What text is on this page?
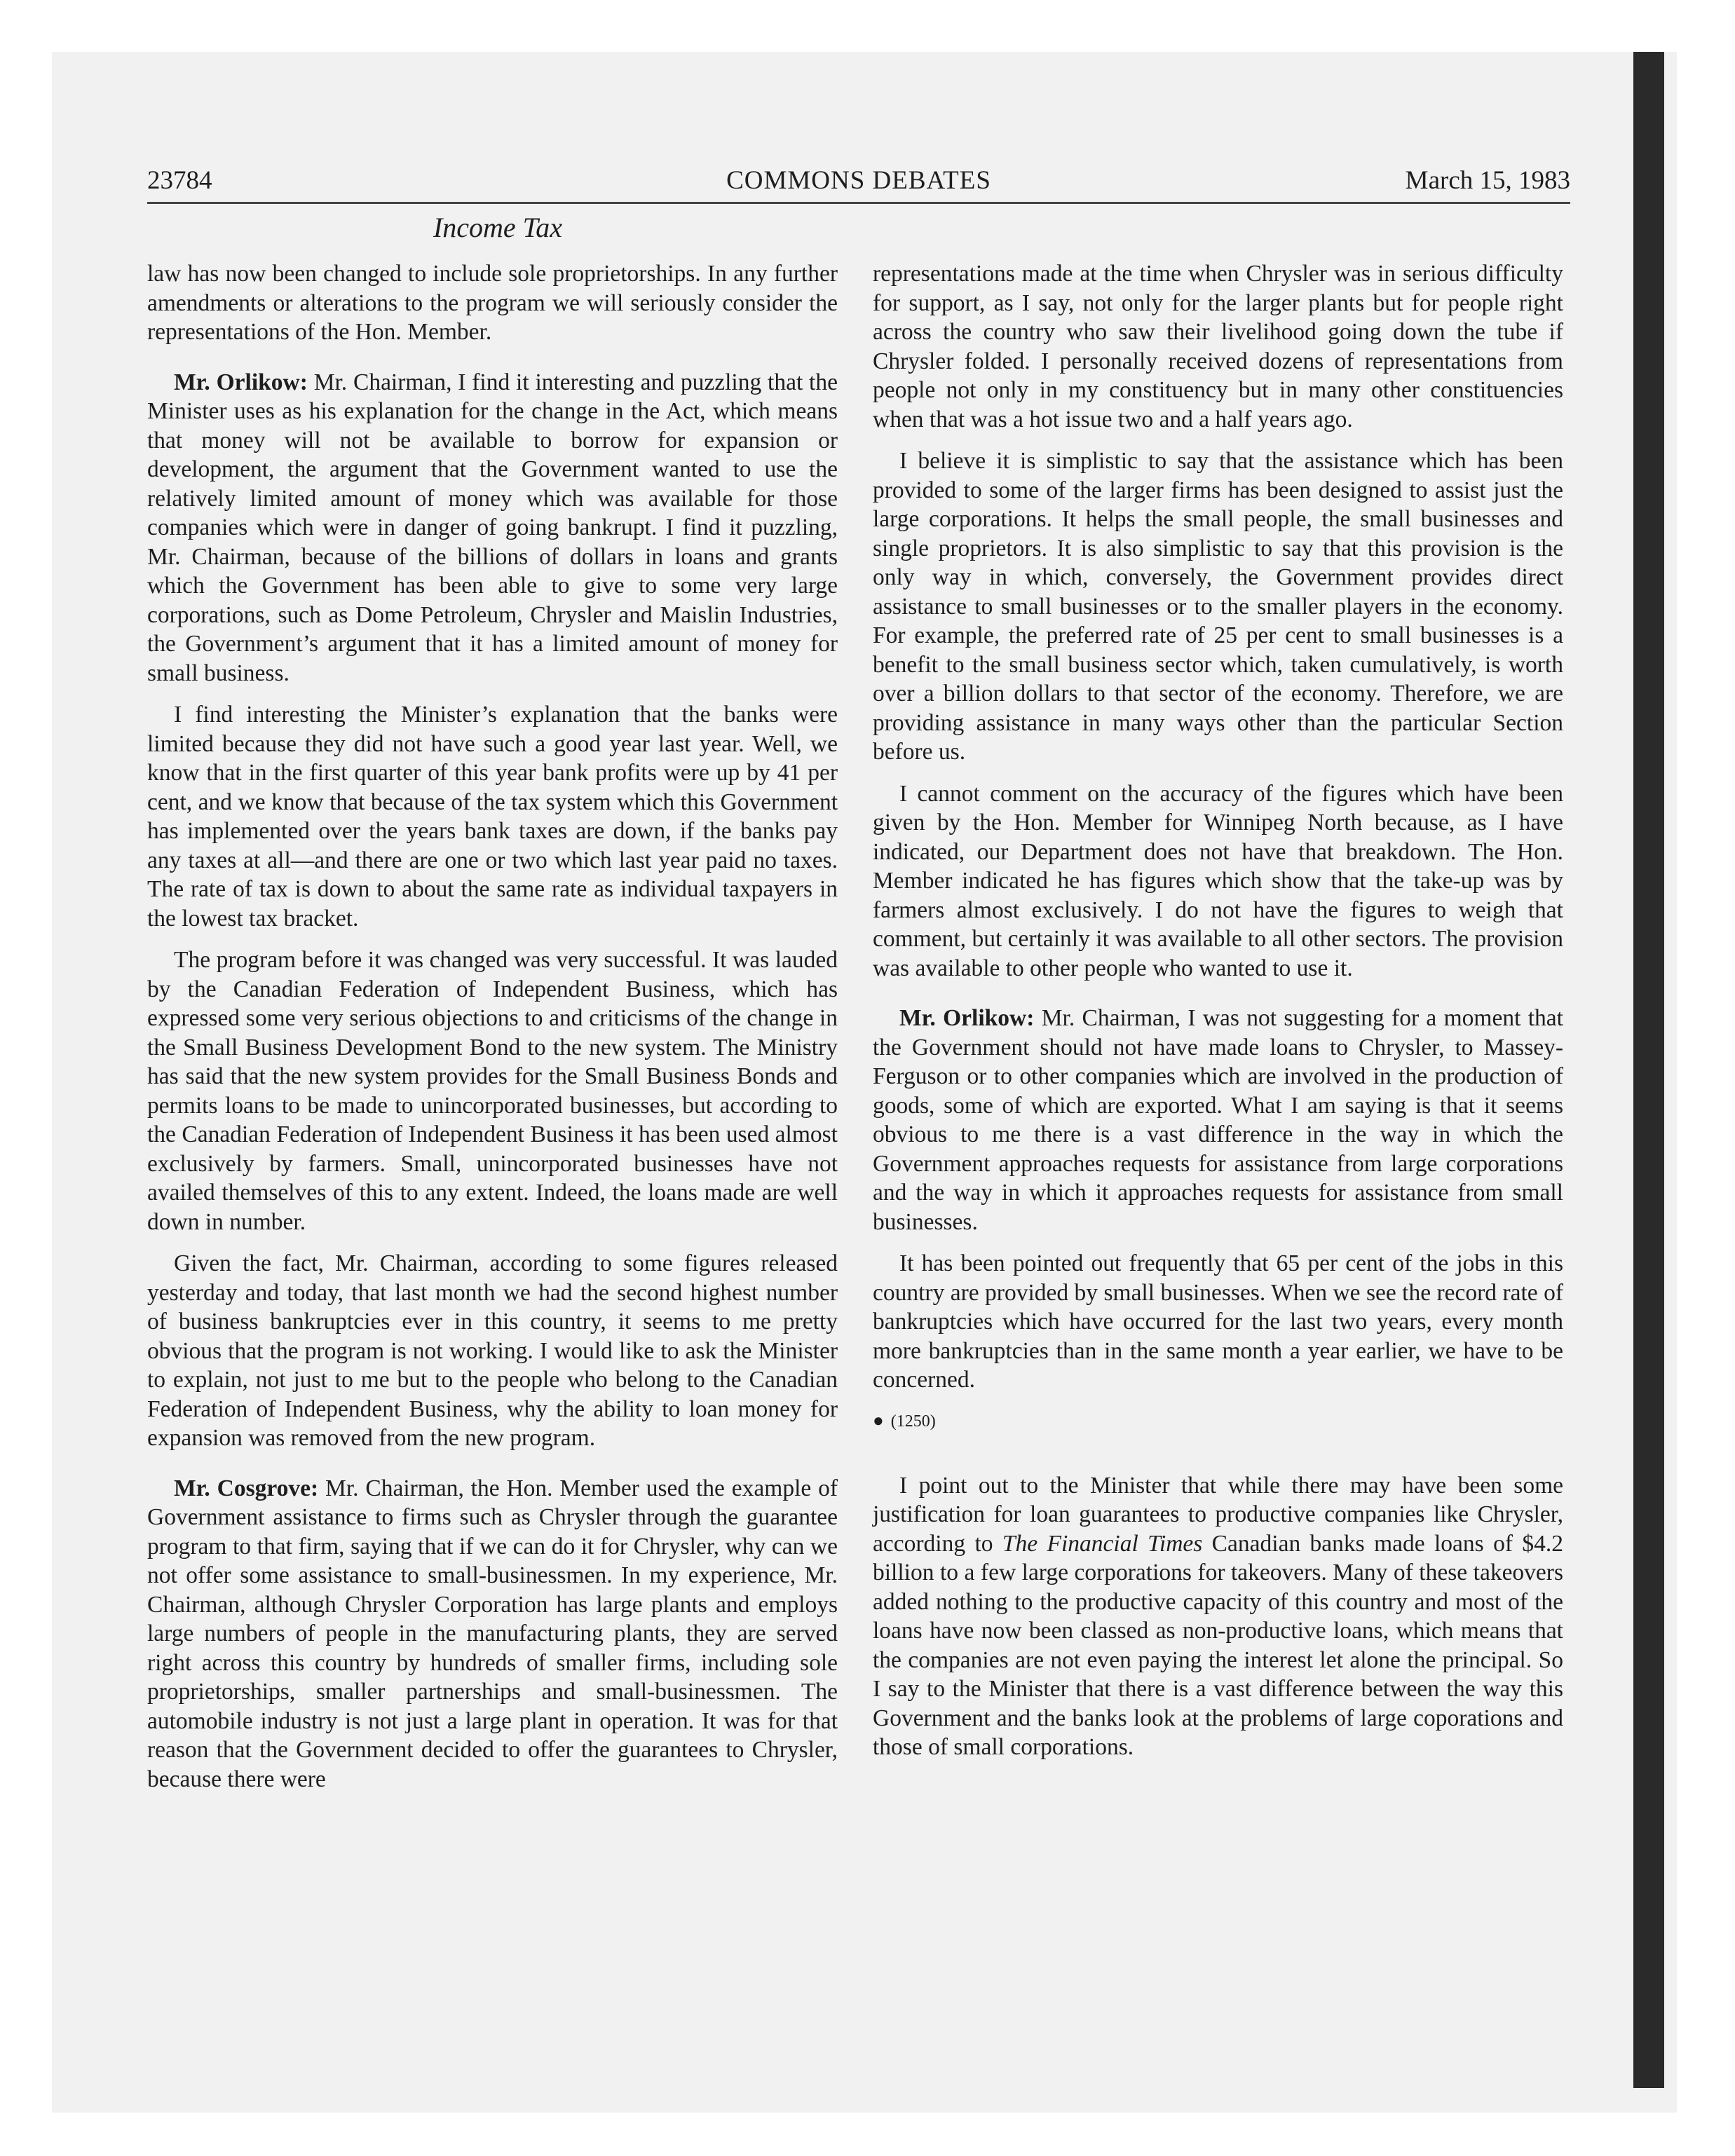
23784	COMMONS DEBATES	March 15, 1983
Income Tax

law has now been changed to include sole proprietorships. In any further amendments or alterations to the program we will seriously consider the representations of the Hon. Member.

Mr. Orlikow: Mr. Chairman, I find it interesting and puzzling that the Minister uses as his explanation for the change in the Act, which means that money will not be available to borrow for expansion or development, the argument that the Government wanted to use the relatively limited amount of money which was available for those companies which were in danger of going bankrupt. I find it puzzling, Mr. Chairman, because of the billions of dollars in loans and grants which the Government has been able to give to some very large corporations, such as Dome Petroleum, Chrysler and Maislin Industries, the Government’s argument that it has a limited amount of money for small business.

I find interesting the Minister’s explanation that the banks were limited because they did not have such a good year last year. Well, we know that in the first quarter of this year bank profits were up by 41 per cent, and we know that because of the tax system which this Government has implemented over the years bank taxes are down, if the banks pay any taxes at all—and there are one or two which last year paid no taxes. The rate of tax is down to about the same rate as individual taxpayers in the lowest tax bracket.

The program before it was changed was very successful. It was lauded by the Canadian Federation of Independent Business, which has expressed some very serious objections to and criticisms of the change in the Small Business Development Bond to the new system. The Ministry has said that the new system provides for the Small Business Bonds and permits loans to be made to unincorporated businesses, but according to the Canadian Federation of Independent Business it has been used almost exclusively by farmers. Small, unincorporated businesses have not availed themselves of this to any extent. Indeed, the loans made are well down in number.

Given the fact, Mr. Chairman, according to some figures released yesterday and today, that last month we had the second highest number of business bankruptcies ever in this country, it seems to me pretty obvious that the program is not working. I would like to ask the Minister to explain, not just to me but to the people who belong to the Canadian Federation of Independent Business, why the ability to loan money for expansion was removed from the new program.

Mr. Cosgrove: Mr. Chairman, the Hon. Member used the example of Government assistance to firms such as Chrysler through the guarantee program to that firm, saying that if we can do it for Chrysler, why can we not offer some assistance to small-businessmen. In my experience, Mr. Chairman, although Chrysler Corporation has large plants and employs large numbers of people in the manufacturing plants, they are served right across this country by hundreds of smaller firms, including sole proprietorships, smaller partnerships and small-businessmen. The automobile industry is not just a large plant in operation. It was for that reason that the Government decided to offer the guarantees to Chrysler, because there were

representations made at the time when Chrysler was in serious difficulty for support, as I say, not only for the larger plants but for people right across the country who saw their livelihood going down the tube if Chrysler folded. I personally received dozens of representations from people not only in my constituency but in many other constituencies when that was a hot issue two and a half years ago.

I believe it is simplistic to say that the assistance which has been provided to some of the larger firms has been designed to assist just the large corporations. It helps the small people, the small businesses and single proprietors. It is also simplistic to say that this provision is the only way in which, conversely, the Government provides direct assistance to small businesses or to the smaller players in the economy. For example, the preferred rate of 25 per cent to small businesses is a benefit to the small business sector which, taken cumulatively, is worth over a billion dollars to that sector of the economy. Therefore, we are providing assistance in many ways other than the particular Section before us.

I cannot comment on the accuracy of the figures which have been given by the Hon. Member for Winnipeg North because, as I have indicated, our Department does not have that breakdown. The Hon. Member indicated he has figures which show that the take-up was by farmers almost exclusively. I do not have the figures to weigh that comment, but certainly it was available to all other sectors. The provision was available to other people who wanted to use it.

Mr. Orlikow: Mr. Chairman, I was not suggesting for a moment that the Government should not have made loans to Chrysler, to Massey-Ferguson or to other companies which are involved in the production of goods, some of which are exported. What I am saying is that it seems obvious to me there is a vast difference in the way in which the Government approaches requests for assistance from large corporations and the way in which it approaches requests for assistance from small businesses.

It has been pointed out frequently that 65 per cent of the jobs in this country are provided by small businesses. When we see the record rate of bankruptcies which have occurred for the last two years, every month more bankruptcies than in the same month a year earlier, we have to be concerned.

● (1250)

I point out to the Minister that while there may have been some justification for loan guarantees to productive companies like Chrysler, according to The Financial Times Canadian banks made loans of $4.2 billion to a few large corporations for takeovers. Many of these takeovers added nothing to the productive capacity of this country and most of the loans have now been classed as non-productive loans, which means that the companies are not even paying the interest let alone the principal. So I say to the Minister that there is a vast difference between the way this Government and the banks look at the problems of large coporations and those of small corporations.
